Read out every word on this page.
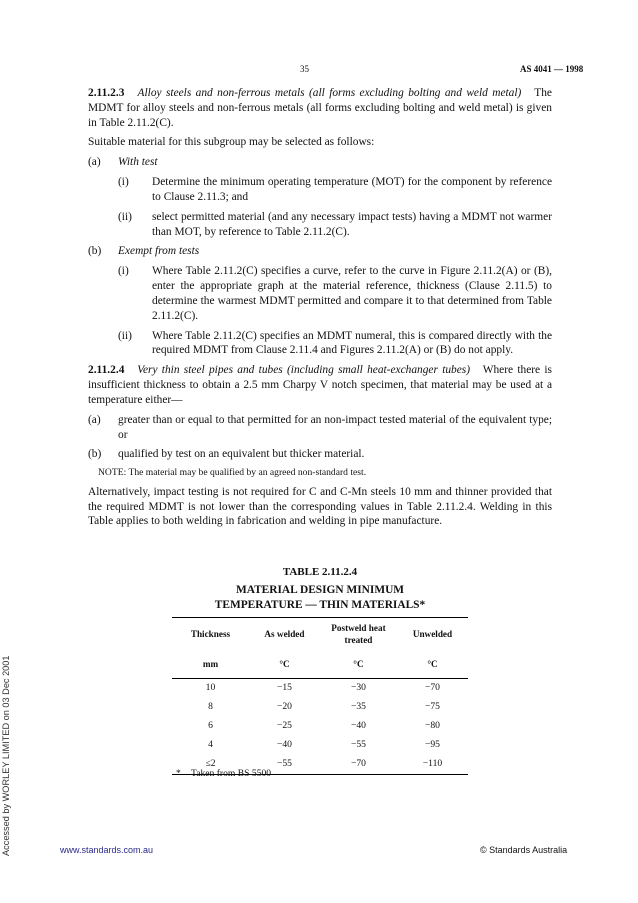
35	AS 4041 — 1998

2.11.2.3 Alloy steels and non-ferrous metals (all forms excluding bolting and weld metal) The MDMT for alloy steels and non-ferrous metals (all forms excluding bolting and weld metal) is given in Table 2.11.2(C).

Suitable material for this subgroup may be selected as follows:

(a) With test
(i) Determine the minimum operating temperature (MOT) for the component by reference to Clause 2.11.3; and
(ii) select permitted material (and any necessary impact tests) having a MDMT not warmer than MOT, by reference to Table 2.11.2(C).
(b) Exempt from tests
(i) Where Table 2.11.2(C) specifies a curve, refer to the curve in Figure 2.11.2(A) or (B), enter the appropriate graph at the material reference, thickness (Clause 2.11.5) to determine the warmest MDMT permitted and compare it to that determined from Table 2.11.2(C).
(ii) Where Table 2.11.2(C) specifies an MDMT numeral, this is compared directly with the required MDMT from Clause 2.11.4 and Figures 2.11.2(A) or (B) do not apply.

2.11.2.4 Very thin steel pipes and tubes (including small heat-exchanger tubes) Where there is insufficient thickness to obtain a 2.5 mm Charpy V notch specimen, that material may be used at a temperature either—

(a) greater than or equal to that permitted for an non-impact tested material of the equivalent type; or
(b) qualified by test on an equivalent but thicker material.
NOTE: The material may be qualified by an agreed non-standard test.

Alternatively, impact testing is not required for C and C-Mn steels 10 mm and thinner provided that the required MDMT is not lower than the corresponding values in Table 2.11.2.4. Welding in this Table applies to both welding in fabrication and welding in pipe manufacture.

TABLE 2.11.2.4
MATERIAL DESIGN MINIMUM
TEMPERATURE — THIN MATERIALS*
Thickness	As welded	Postweld heat treated	Unwelded
mm	°C	°C	°C
10	−15	−30	−70
8	−20	−35	−75
6	−25	−40	−80
4	−40	−55	−95
≤2	−55	−70	−110
* Taken from BS 5500
Accessed by WORLEY LIMITED on 03 Dec 2001	www.standards.com.au	© Standards Australia
